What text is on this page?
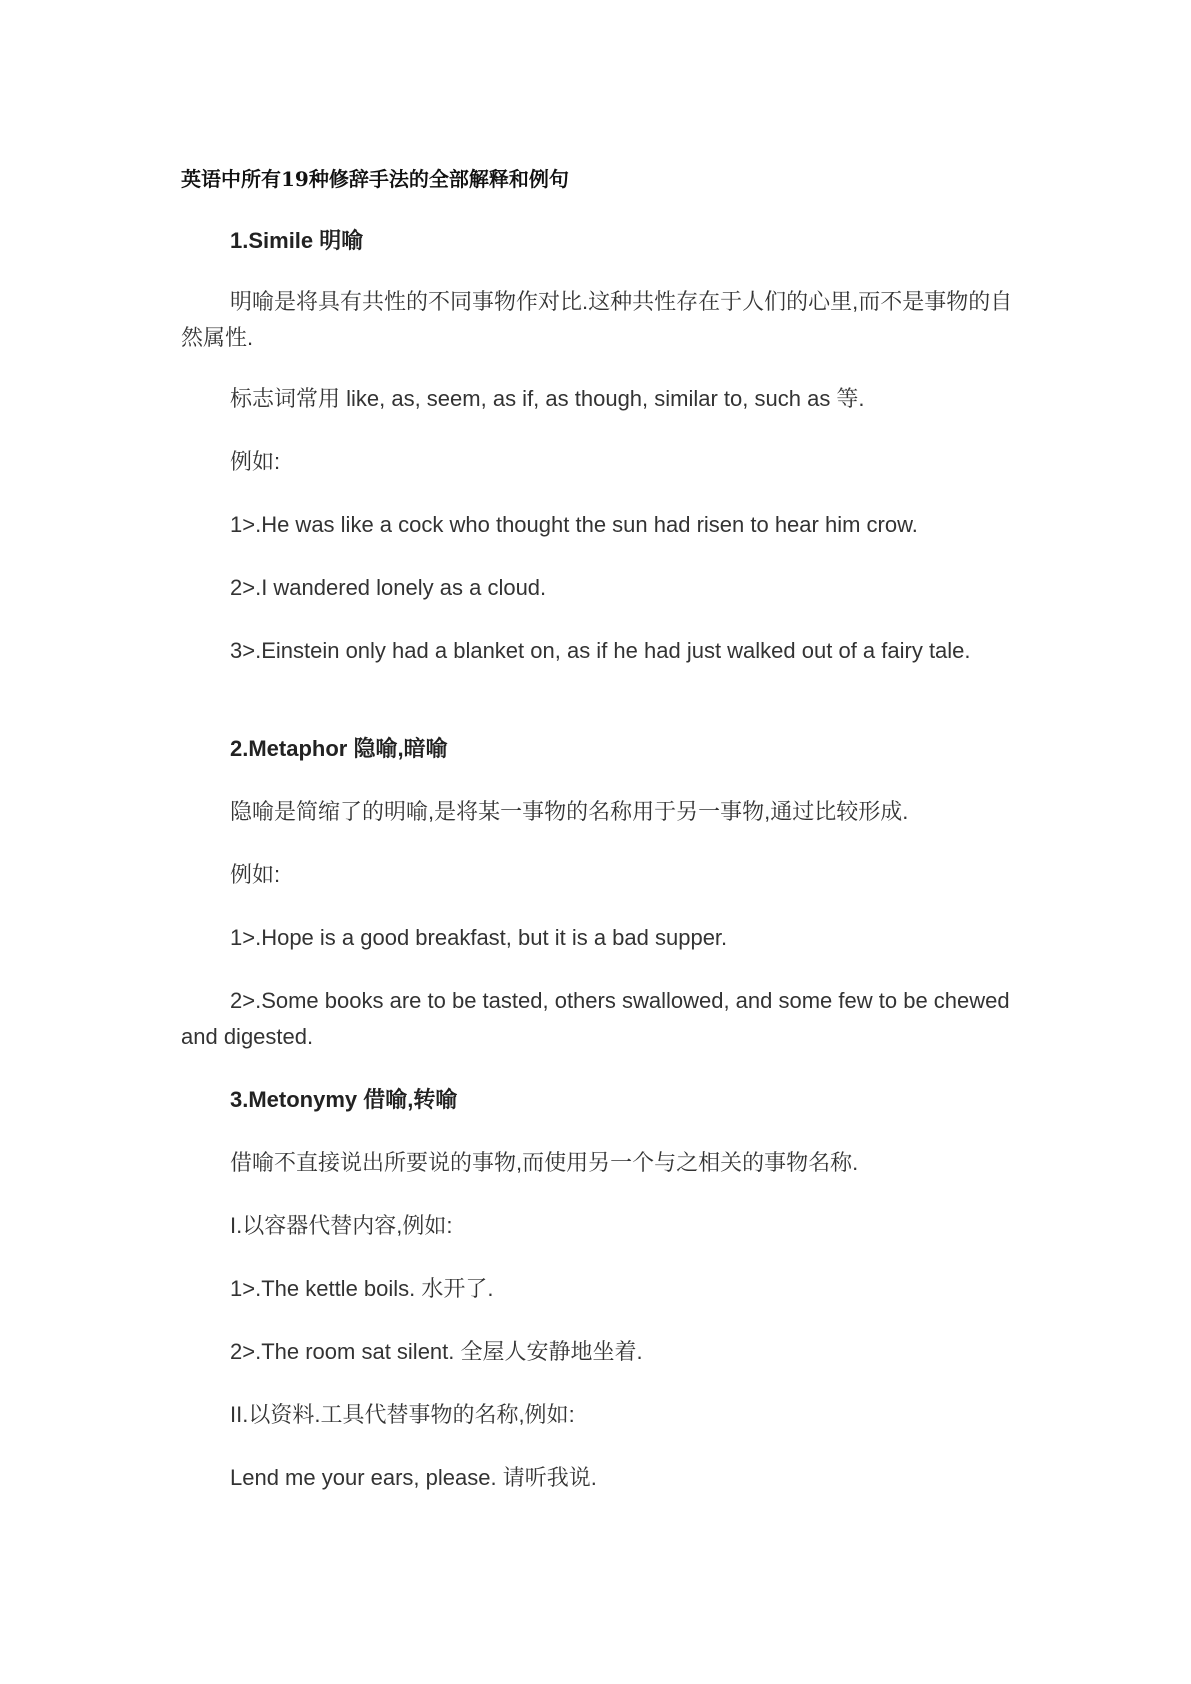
英语中所有19种修辞手法的全部解释和例句
1.Simile 明喻
明喻是将具有共性的不同事物作对比.这种共性存在于人们的心里,而不是事物的自然属性.
标志词常用 like, as, seem, as if, as though, similar to, such as 等.
例如:
1>.He was like a cock who thought the sun had risen to hear him crow.
2>.I wandered lonely as a cloud.
3>.Einstein only had a blanket on, as if he had just walked out of a fairy tale.
2.Metaphor 隐喻,暗喻
隐喻是简缩了的明喻,是将某一事物的名称用于另一事物,通过比较形成.
例如:
1>.Hope is a good breakfast, but it is a bad supper.
2>.Some books are to be tasted, others swallowed, and some few to be chewed and digested.
3.Metonymy 借喻,转喻
借喻不直接说出所要说的事物,而使用另一个与之相关的事物名称.
I.以容器代替内容,例如:
1>.The kettle boils. 水开了.
2>.The room sat silent. 全屋人安静地坐着.
II.以资料.工具代替事物的名称,例如:
Lend me your ears, please. 请听我说.
